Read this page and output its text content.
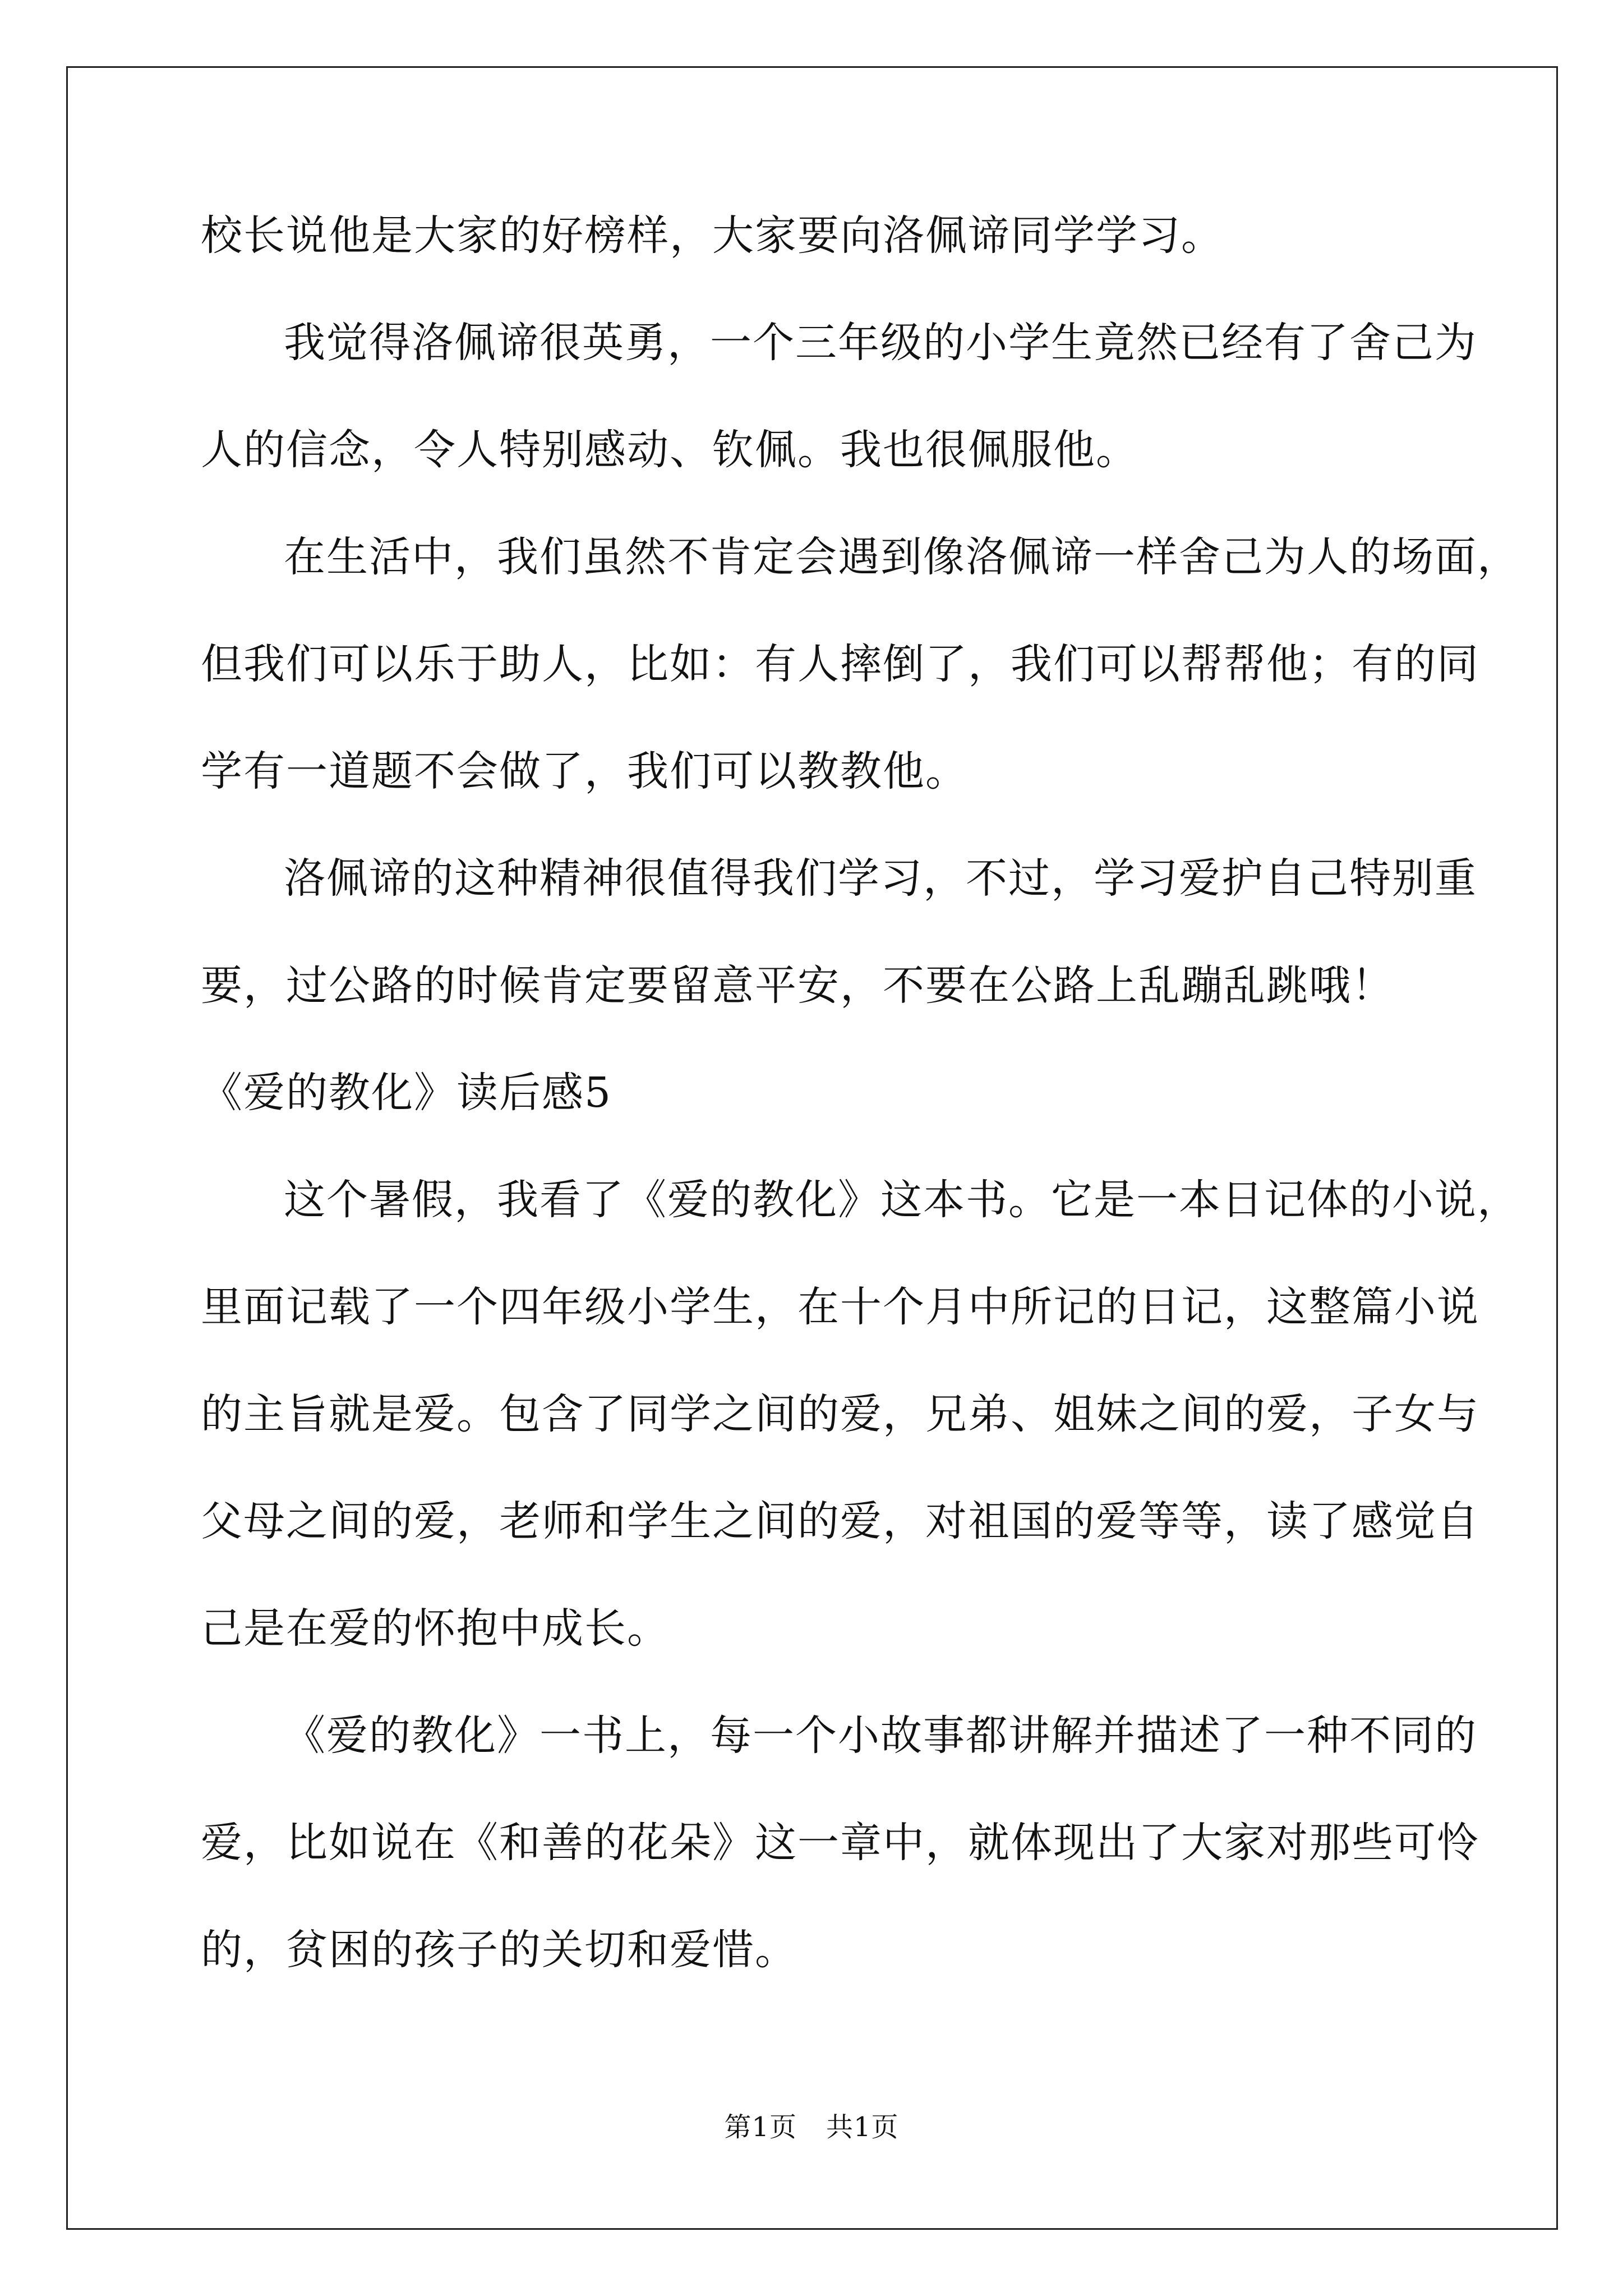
校长说他是大家的好榜样，大家要向洛佩谛同学学习。
我觉得洛佩谛很英勇，一个三年级的小学生竟然已经有了舍己为
人的信念，令人特别感动、钦佩。我也很佩服他。
在生活中，我们虽然不肯定会遇到像洛佩谛一样舍己为人的场面，
但我们可以乐于助人，比如：有人摔倒了，我们可以帮帮他；有的同
学有一道题不会做了，我们可以教教他。
洛佩谛的这种精神很值得我们学习，不过，学习爱护自己特别重
要，过公路的时候肯定要留意平安，不要在公路上乱蹦乱跳哦！
《爱的教化》读后感5
这个暑假，我看了《爱的教化》这本书。它是一本日记体的小说，
里面记载了一个四年级小学生，在十个月中所记的日记，这整篇小说
的主旨就是爱。包含了同学之间的爱，兄弟、姐妹之间的爱，子女与
父母之间的爱，老师和学生之间的爱，对祖国的爱等等，读了感觉自
己是在爱的怀抱中成长。
《爱的教化》一书上，每一个小故事都讲解并描述了一种不同的
爱，比如说在《和善的花朵》这一章中，就体现出了大家对那些可怜
的，贫困的孩子的关切和爱惜。
第1页 共1页
